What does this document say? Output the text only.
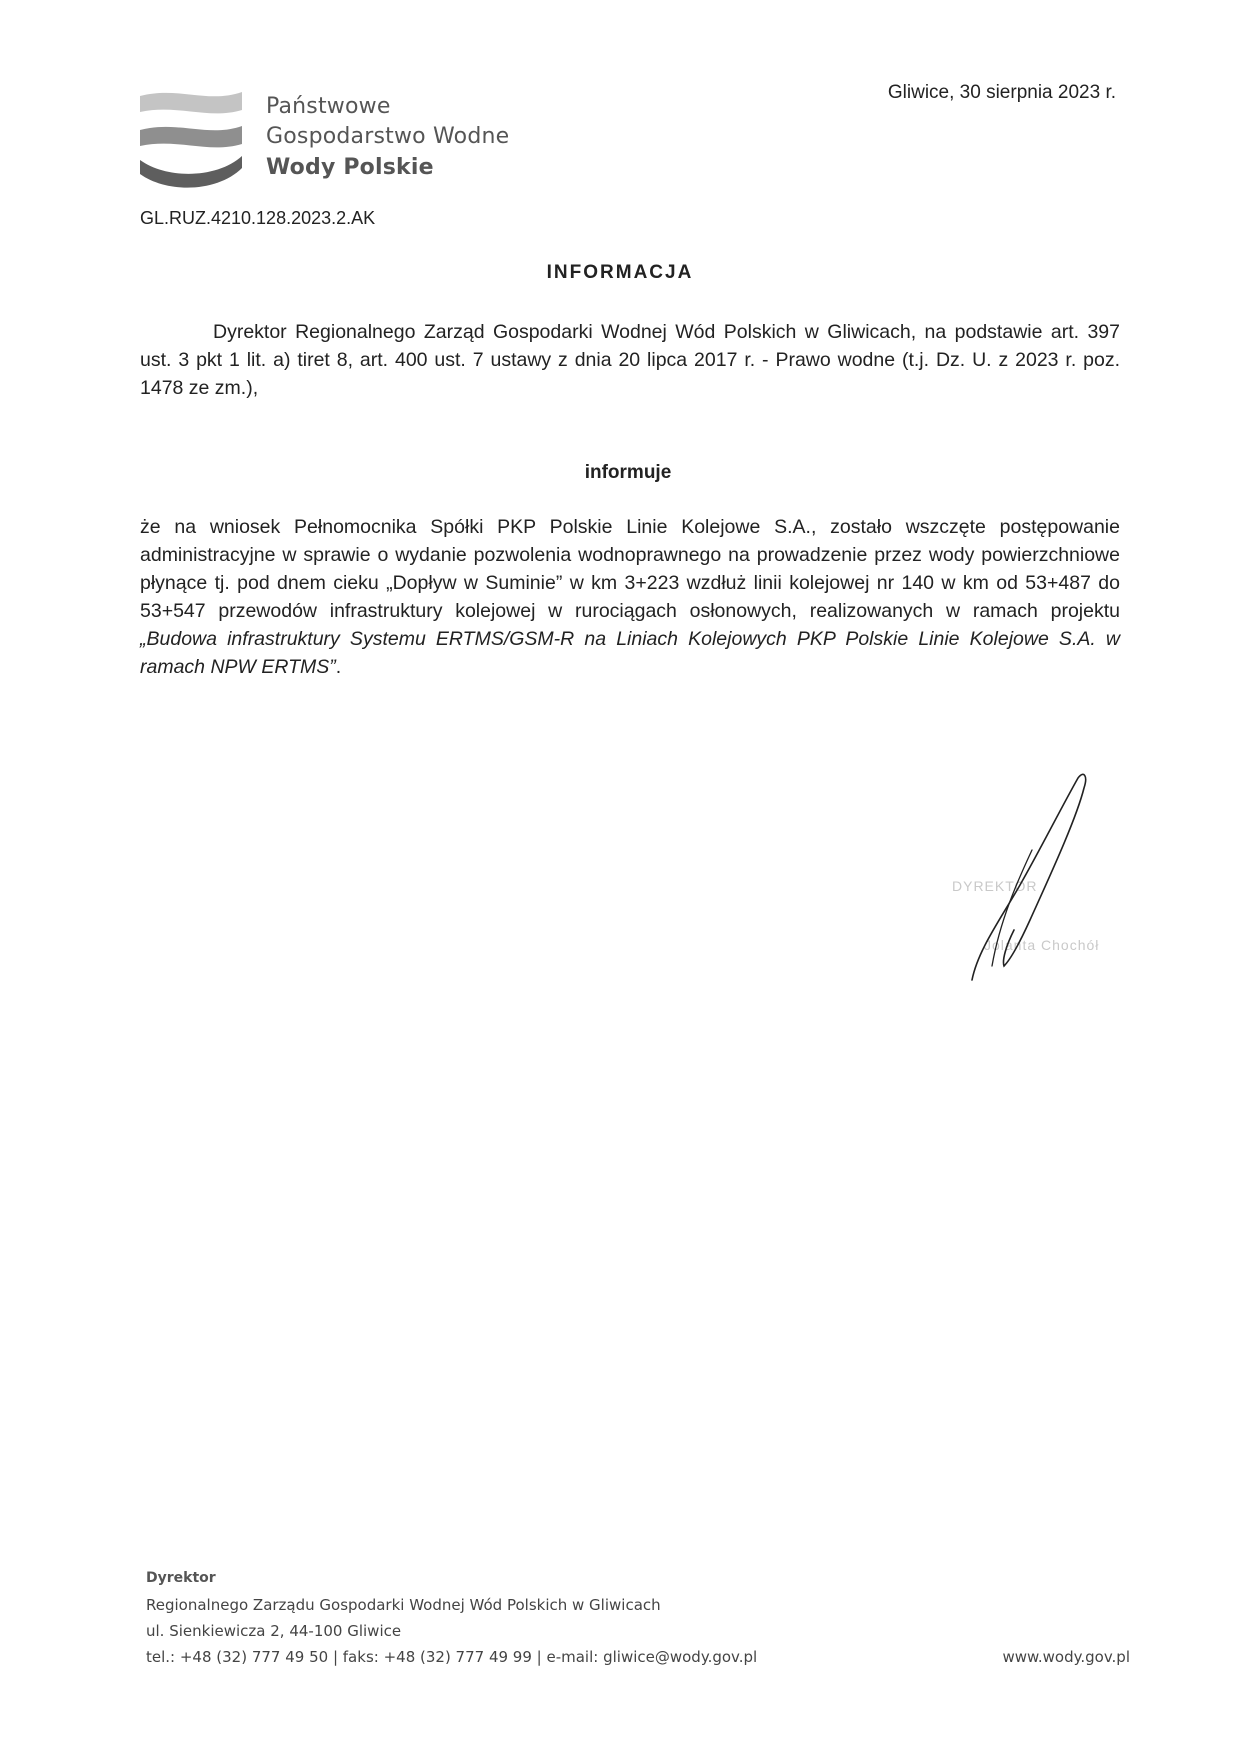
Państwowe
Gospodarstwo Wodne
Wody Polskie
Gliwice, 30 sierpnia 2023 r.
GL.RUZ.4210.128.2023.2.AK
INFORMACJA
Dyrektor Regionalnego Zarząd Gospodarki Wodnej Wód Polskich w Gliwicach, na podstawie art. 397 ust. 3 pkt 1 lit. a) tiret 8, art. 400 ust. 7 ustawy z dnia 20 lipca 2017 r. - Prawo wodne (t.j. Dz. U. z 2023 r. poz. 1478 ze zm.),
informuje
że na wniosek Pełnomocnika Spółki PKP Polskie Linie Kolejowe S.A., zostało wszczęte postępowanie administracyjne w sprawie o wydanie pozwolenia wodnoprawnego na prowadzenie przez wody powierzchniowe płynące tj. pod dnem cieku „Dopływ w Suminie” w km 3+223 wzdłuż linii kolejowej nr 140 w km od 53+487 do 53+547 przewodów infrastruktury kolejowej w rurociągach osłonowych, realizowanych w ramach projektu „Budowa infrastruktury Systemu ERTMS/GSM-R na Liniach Kolejowych PKP Polskie Linie Kolejowe S.A. w ramach NPW ERTMS”.
DYREKTOR
Jolanta Chochół
Dyrektor
Regionalnego Zarządu Gospodarki Wodnej Wód Polskich w Gliwicach
ul. Sienkiewicza 2, 44-100 Gliwice
tel.: +48 (32) 777 49 50 | faks: +48 (32) 777 49 99 | e-mail: gliwice@wody.gov.pl	www.wody.gov.pl
